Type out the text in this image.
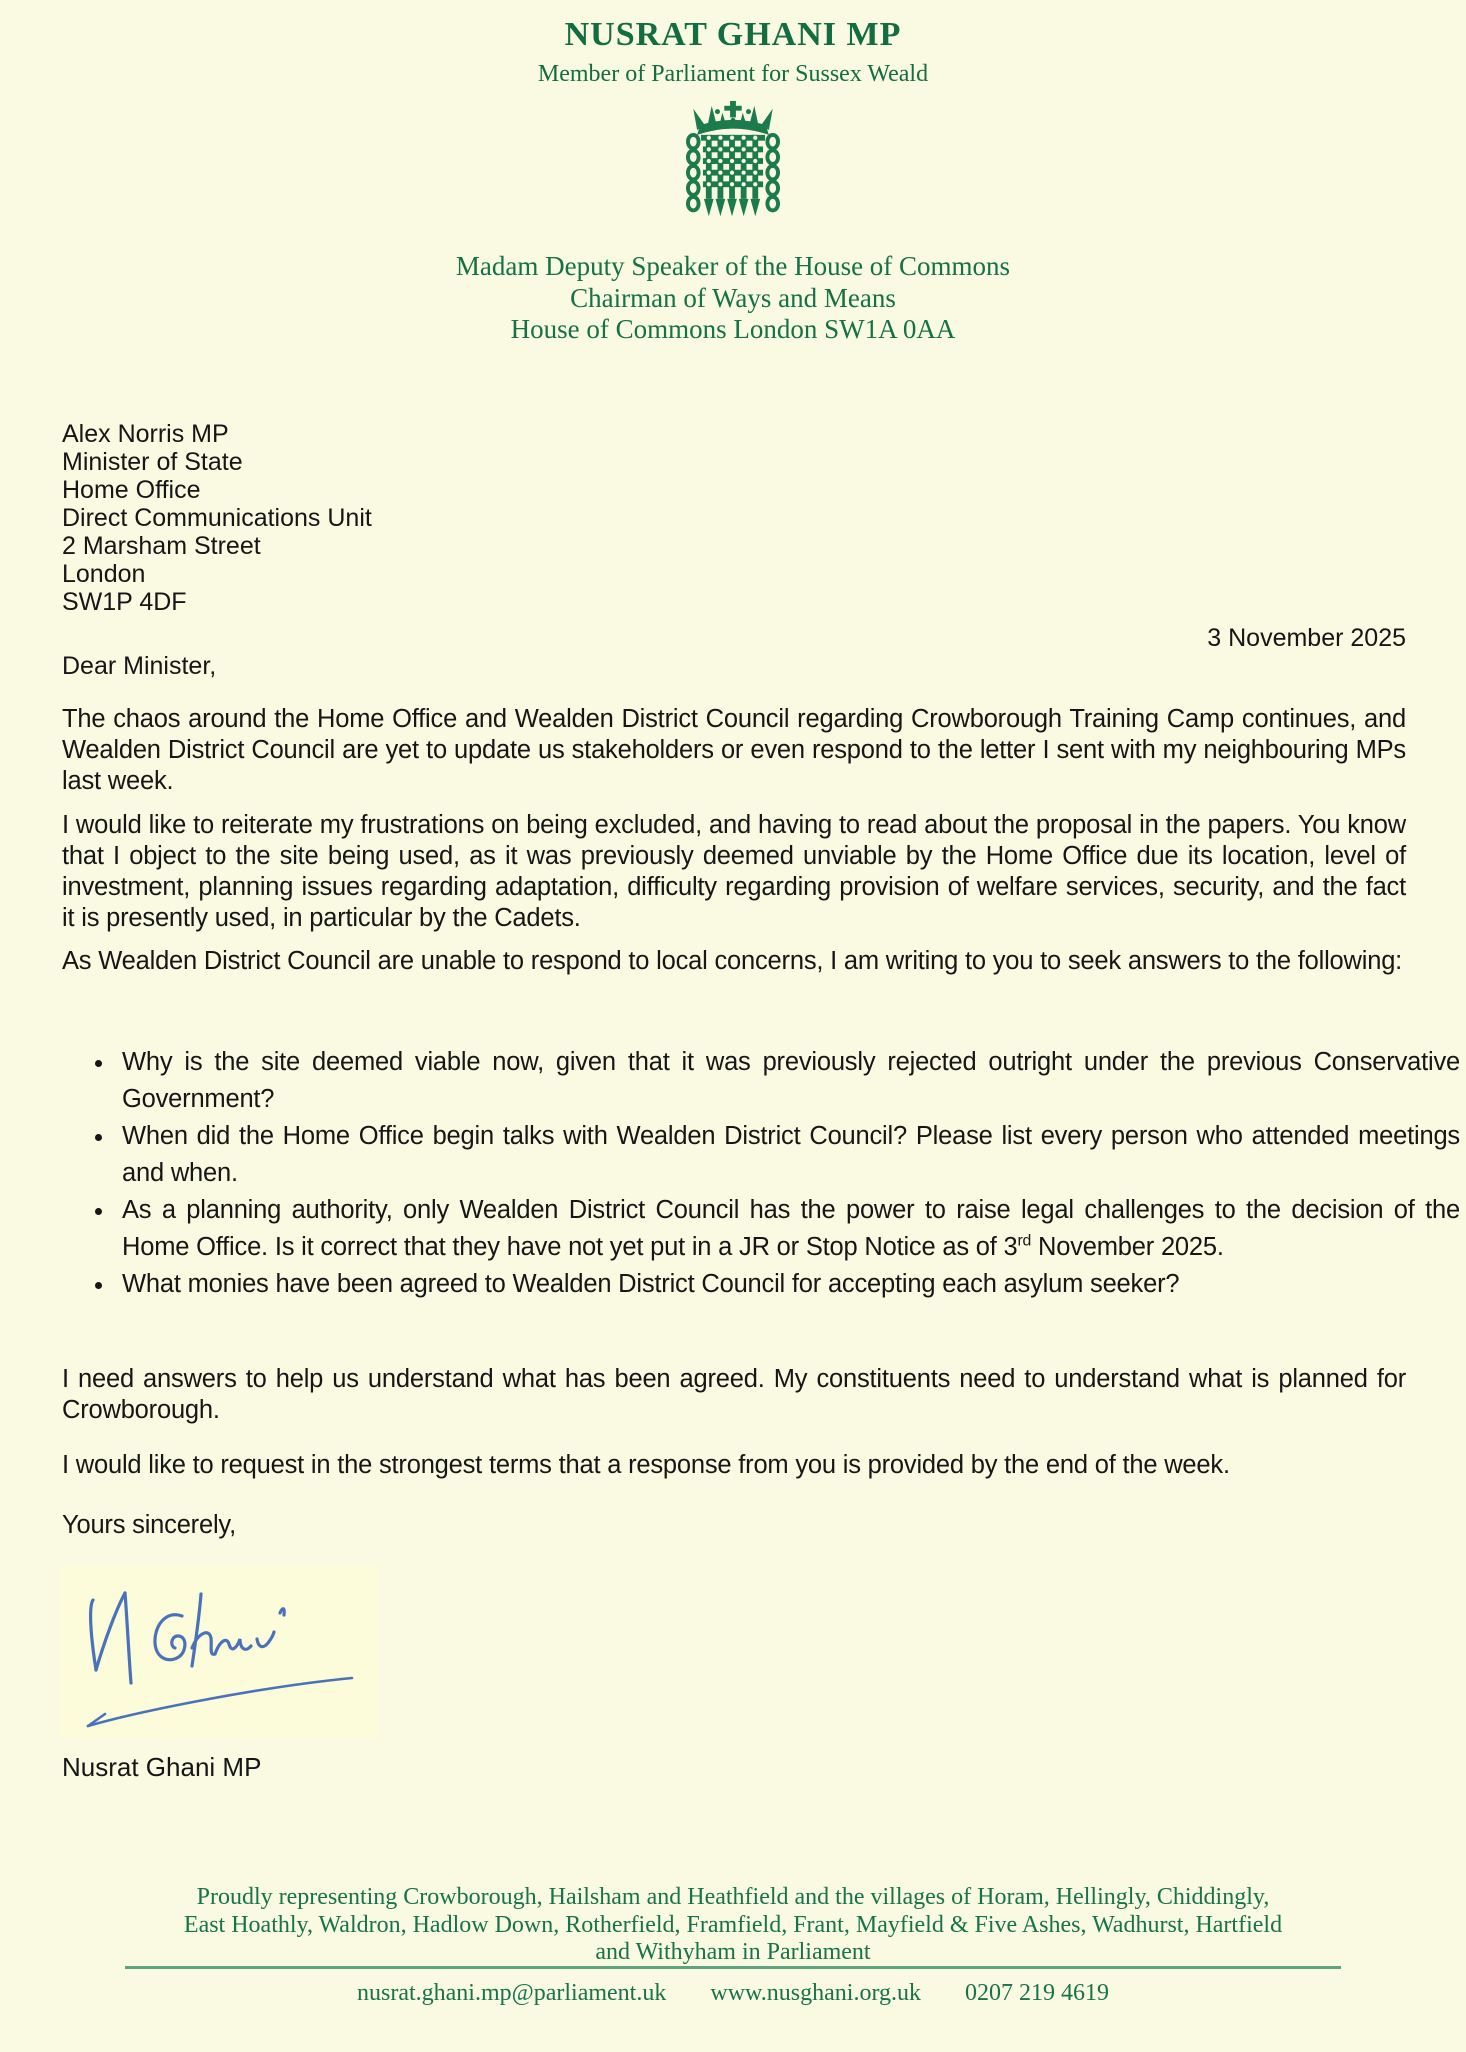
NUSRAT GHANI MP
Member of Parliament for Sussex Weald
Madam Deputy Speaker of the House of Commons
Chairman of Ways and Means
House of Commons London SW1A 0AA
Alex Norris MP
Minister of State
Home Office
Direct Communications Unit
2 Marsham Street
London
SW1P 4DF
3 November 2025
Dear Minister,

The chaos around the Home Office and Wealden District Council regarding Crowborough Training Camp continues, and Wealden District Council are yet to update us stakeholders or even respond to the letter I sent with my neighbouring MPs last week.

I would like to reiterate my frustrations on being excluded, and having to read about the proposal in the papers. You know that I object to the site being used, as it was previously deemed unviable by the Home Office due its location, level of investment, planning issues regarding adaptation, difficulty regarding provision of welfare services, security, and the fact it is presently used, in particular by the Cadets.

As Wealden District Council are unable to respond to local concerns, I am writing to you to seek answers to the following:

• Why is the site deemed viable now, given that it was previously rejected outright under the previous Conservative Government?
• When did the Home Office begin talks with Wealden District Council? Please list every person who attended meetings and when.
• As a planning authority, only Wealden District Council has the power to raise legal challenges to the decision of the Home Office. Is it correct that they have not yet put in a JR or Stop Notice as of 3rd November 2025.
• What monies have been agreed to Wealden District Council for accepting each asylum seeker?

I need answers to help us understand what has been agreed. My constituents need to understand what is planned for Crowborough.

I would like to request in the strongest terms that a response from you is provided by the end of the week.

Yours sincerely,

Nusrat Ghani MP
Proudly representing Crowborough, Hailsham and Heathfield and the villages of Horam, Hellingly, Chiddingly,
East Hoathly, Waldron, Hadlow Down, Rotherfield, Framfield, Frant, Mayfield & Five Ashes, Wadhurst, Hartfield
and Withyham in Parliament
nusrat.ghani.mp@parliament.uk www.nusghani.org.uk 0207 219 4619
